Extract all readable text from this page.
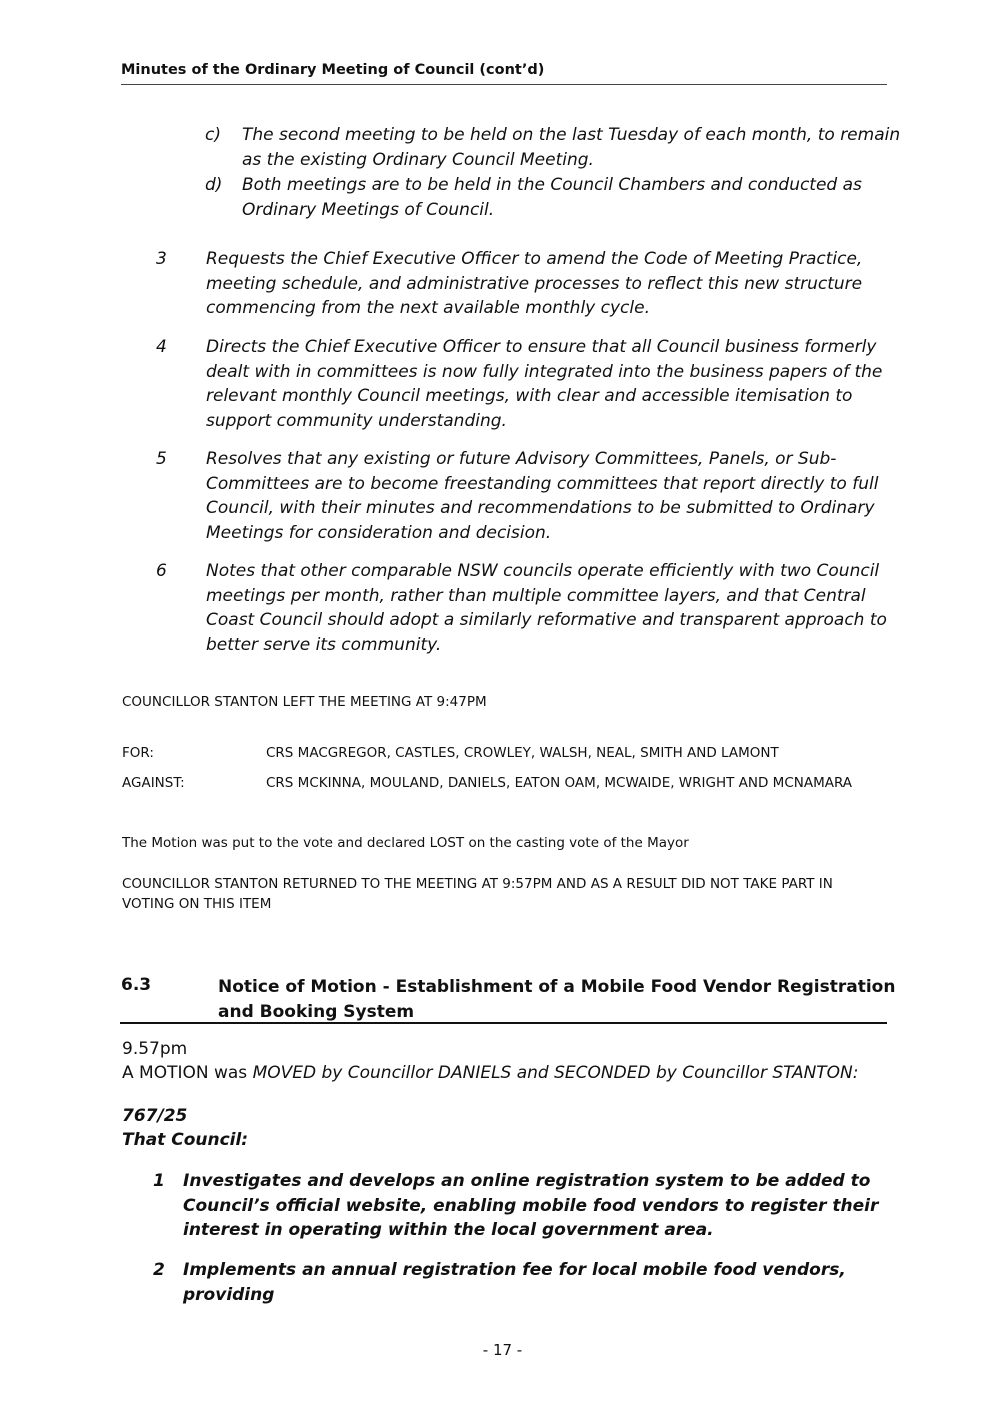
Minutes of the Ordinary Meeting of Council (cont’d)
c)	The second meeting to be held on the last Tuesday of each month, to remain as the existing Ordinary Council Meeting.
d)	Both meetings are to be held in the Council Chambers and conducted as Ordinary Meetings of Council.
3	Requests the Chief Executive Officer to amend the Code of Meeting Practice, meeting schedule, and administrative processes to reflect this new structure commencing from the next available monthly cycle.
4	Directs the Chief Executive Officer to ensure that all Council business formerly dealt with in committees is now fully integrated into the business papers of the relevant monthly Council meetings, with clear and accessible itemisation to support community understanding.
5	Resolves that any existing or future Advisory Committees, Panels, or Sub-Committees are to become freestanding committees that report directly to full Council, with their minutes and recommendations to be submitted to Ordinary Meetings for consideration and decision.
6	Notes that other comparable NSW councils operate efficiently with two Council meetings per month, rather than multiple committee layers, and that Central Coast Council should adopt a similarly reformative and transparent approach to better serve its community.
COUNCILLOR STANTON LEFT THE MEETING AT 9:47PM
FOR:	CRS MACGREGOR, CASTLES, CROWLEY, WALSH, NEAL, SMITH AND LAMONT
AGAINST:	CRS MCKINNA, MOULAND, DANIELS, EATON OAM, MCWAIDE, WRIGHT AND MCNAMARA
The Motion was put to the vote and declared LOST on the casting vote of the Mayor
COUNCILLOR STANTON RETURNED TO THE MEETING AT 9:57PM AND AS A RESULT DID NOT TAKE PART IN VOTING ON THIS ITEM
6.3	Notice of Motion - Establishment of a Mobile Food Vendor Registration and Booking System
9.57pm
A MOTION was MOVED by Councillor DANIELS and SECONDED by Councillor STANTON:
767/25
That Council:
1 Investigates and develops an online registration system to be added to Council’s official website, enabling mobile food vendors to register their interest in operating within the local government area.
2 Implements an annual registration fee for local mobile food vendors, providing
- 17 -
